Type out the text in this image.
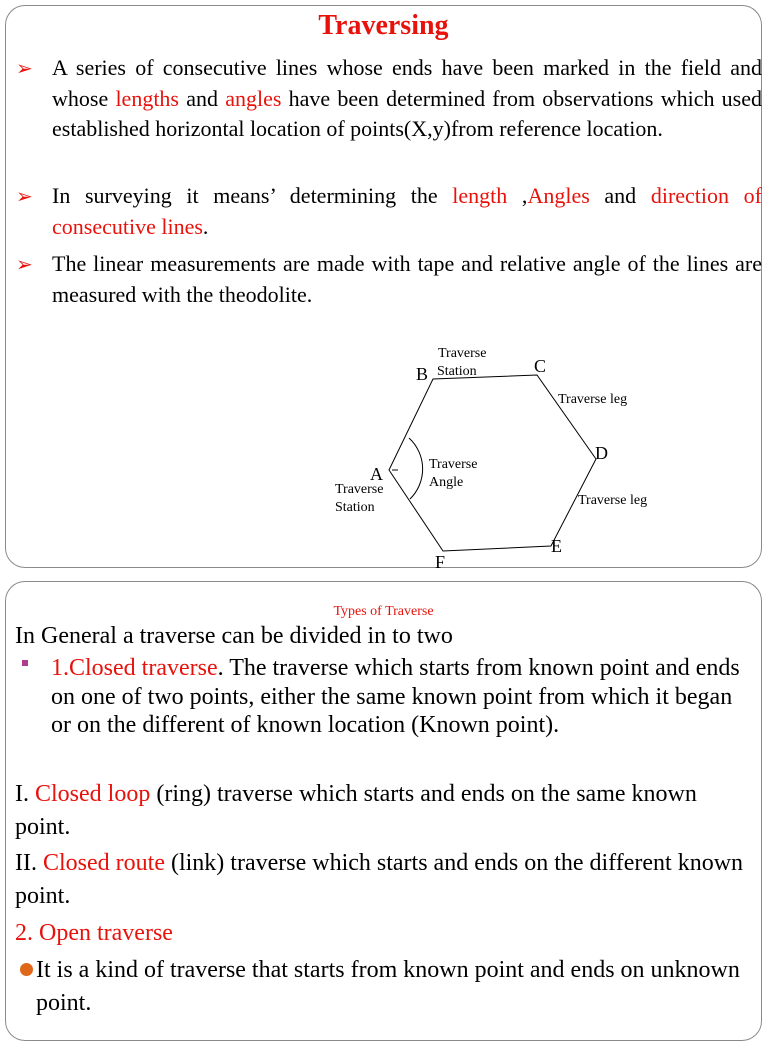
Traversing
➢ A series of consecutive lines whose ends have been marked in the field and whose lengths and angles have been determined from observations which used established horizontal location of points(X,y)from reference location.
➢ In surveying it means’ determining the length ,Angles and direction of consecutive lines.
➢ The linear measurements are made with tape and relative angle of the lines are measured with the theodolite.
A
B	C
D
E
F
Traverse
Station
Traverse
Station
Traverse
Angle
Traverse leg
Traverse leg
Types of Traverse
In General a traverse can be divided in to two
1.Closed traverse. The traverse which starts from known point and ends on one of two points, either the same known point from which it began or on the different of known location (Known point).
I. Closed loop (ring) traverse which starts and ends on the same known point.
II. Closed route (link) traverse which starts and ends on the different known point.
2. Open traverse
It is a kind of traverse that starts from known point and ends on unknown point.
